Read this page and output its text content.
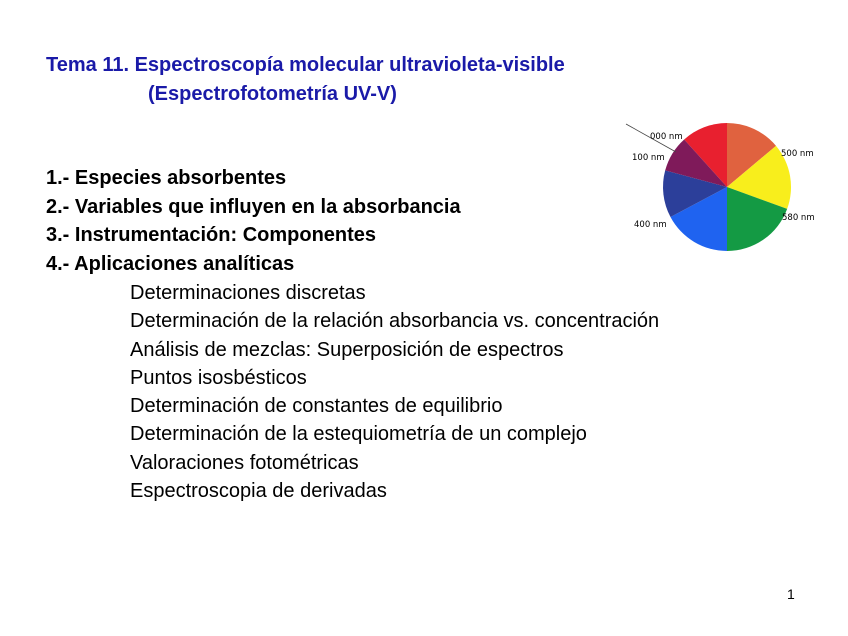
Tema 11. Espectroscopía molecular ultravioleta-visible
(Espectrofotometría UV-V)
1.- Especies absorbentes
2.- Variables que influyen en la absorbancia
3.- Instrumentación: Componentes
4.- Aplicaciones analíticas
Determinaciones discretas
Determinación de la relación absorbancia vs. concentración
Análisis de mezclas: Superposición de espectros
Puntos isosbésticos
Determinación de constantes de equilibrio
Determinación de la estequiometría de un complejo
Valoraciones fotométricas
Espectroscopia de derivadas
000 nm
100 nm
400 nm
500 nm
580 nm
1
